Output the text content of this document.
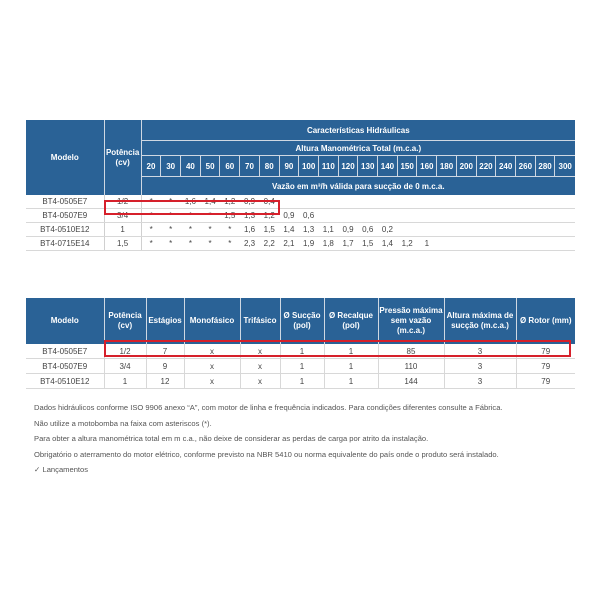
Modelo	Potência (cv)	Características Hidráulicas																					
		Altura Manométrica Total (m.c.a.)																					
		20	30	40	50	60	70	80	90	100	110	120	130	140	150	160	180	200	220	240	260	280	300
		Vazão em m³/h válida para sucção de 0 m.c.a.																					
BT4-0505E7	1/2	*	*	1,6	1,4	1,2	0,9	0,4															
BT4-0507E9	3/4	*	*	*	*	1,5	1,3	1,2	0,9	0,6													
BT4-0510E12	1	*	*	*	*	*	1,6	1,5	1,4	1,3	1,1	0,9	0,6	0,2									
BT4-0715E14	1,5	*	*	*	*	*	2,3	2,2	2,1	1,9	1,8	1,7	1,5	1,4	1,2	1							
Modelo	Potência (cv)	Estágios	Monofásico	Trifásico	Ø Sucção (pol)	Ø Recalque (pol)	Pressão máxima sem vazão (m.c.a.)	Altura máxima de sucção (m.c.a.)	Ø Rotor (mm)
BT4-0505E7	1/2	7	x	x	1	1	85	3	79
BT4-0507E9	3/4	9	x	x	1	1	110	3	79
BT4-0510E12	1	12	x	x	1	1	144	3	79
Dados hidráulicos conforme ISO 9906 anexo “A”, com motor de linha e frequência indicados. Para condições diferentes consulte a Fábrica.
Não utilize a motobomba na faixa com asteriscos (*).
Para obter a altura manométrica total em m c.a., não deixe de considerar as perdas de carga por atrito da instalação.
Obrigatório o aterramento do motor elétrico, conforme previsto na NBR 5410 ou norma equivalente do país onde o produto será instalado.
✓ Lançamentos
